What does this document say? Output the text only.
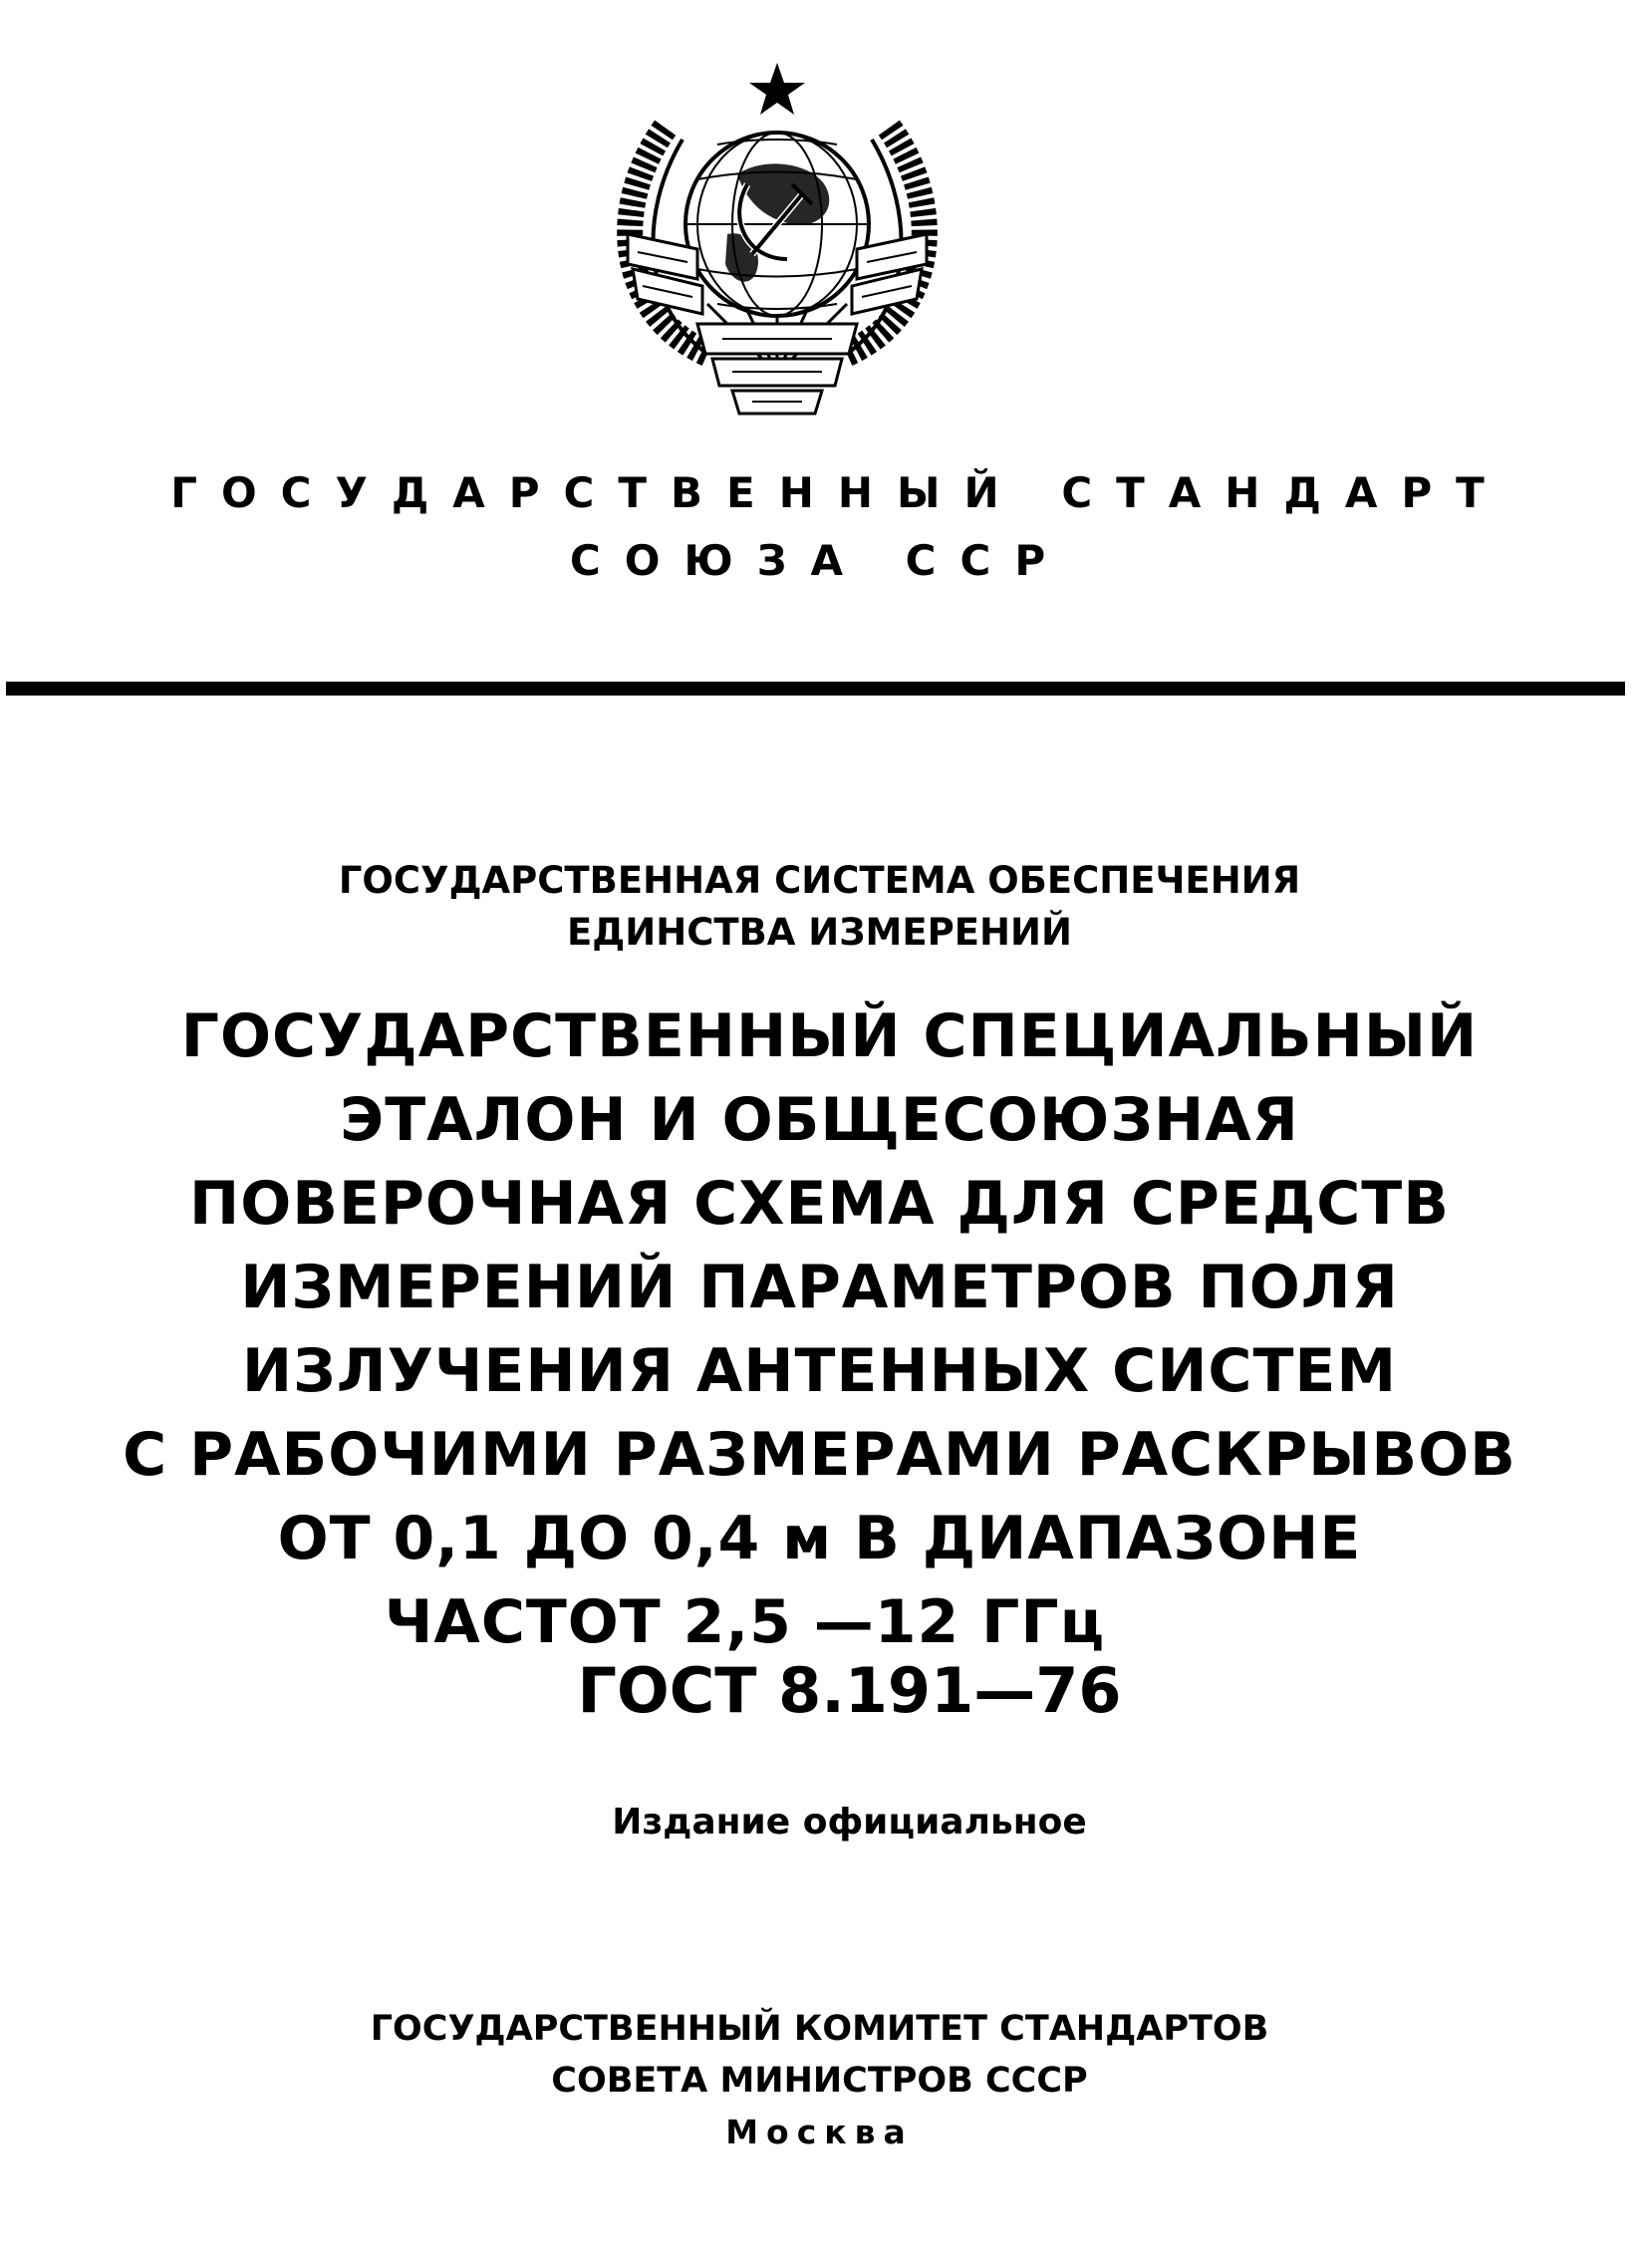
ГОСУДАРСТВЕННЫЙ СТАНДАРТ
СОЮЗА ССР
ГОСУДАРСТВЕННАЯ СИСТЕМА ОБЕСПЕЧЕНИЯ
ЕДИНСТВА ИЗМЕРЕНИЙ
ГОСУДАРСТВЕННЫЙ СПЕЦИАЛЬНЫЙ
ЭТАЛОН И ОБЩЕСОЮЗНАЯ
ПОВЕРОЧНАЯ СХЕМА ДЛЯ СРЕДСТВ
ИЗМЕРЕНИЙ ПАРАМЕТРОВ ПОЛЯ
ИЗЛУЧЕНИЯ АНТЕННЫХ СИСТЕМ
С РАБОЧИМИ РАЗМЕРАМИ РАСКРЫВОВ
ОТ 0,1 ДО 0,4 м В ДИАПАЗОНЕ
ЧАСТОТ 2,5 —12 ГГц
ГОСТ 8.191—76
Издание официальное
ГОСУДАРСТВЕННЫЙ КОМИТЕТ СТАНДАРТОВ
СОВЕТА МИНИСТРОВ СССР
Москва
